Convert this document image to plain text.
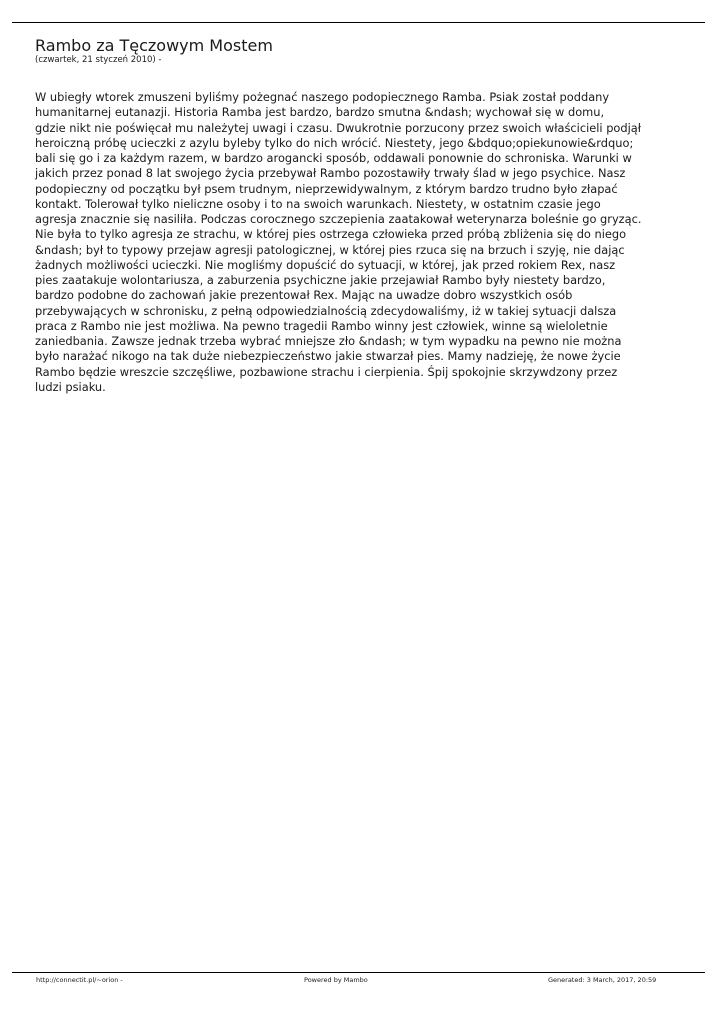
Rambo za Tęczowym Mostem
(czwartek, 21 styczeń 2010) -

W ubiegły wtorek zmuszeni byliśmy pożegnać naszego podopiecznego Ramba. Psiak został poddany
humanitarnej eutanazji. Historia Ramba jest bardzo, bardzo smutna &ndash; wychował się w domu,
gdzie nikt nie poświęcał mu należytej uwagi i czasu. Dwukrotnie porzucony przez swoich właścicieli podjął
heroiczną próbę ucieczki z azylu byleby tylko do nich wrócić. Niestety, jego &bdquo;opiekunowie&rdquo;
bali się go i za każdym razem, w bardzo arogancki sposób, oddawali ponownie do schroniska. Warunki w
jakich przez ponad 8 lat swojego życia przebywał Rambo pozostawiły trwały ślad w jego psychice. Nasz
podopieczny od początku był psem trudnym, nieprzewidywalnym, z którym bardzo trudno było złapać
kontakt. Tolerował tylko nieliczne osoby i to na swoich warunkach. Niestety, w ostatnim czasie jego
agresja znacznie się nasiliła. Podczas corocznego szczepienia zaatakował weterynarza boleśnie go gryząc.
Nie była to tylko agresja ze strachu, w której pies ostrzega człowieka przed próbą zbliżenia się do niego
&ndash; był to typowy przejaw agresji patologicznej, w której pies rzuca się na brzuch i szyję, nie dając
żadnych możliwości ucieczki. Nie mogliśmy dopuścić do sytuacji, w której, jak przed rokiem Rex, nasz
pies zaatakuje wolontariusza, a zaburzenia psychiczne jakie przejawiał Rambo były niestety bardzo,
bardzo podobne do zachowań jakie prezentował Rex. Mając na uwadze dobro wszystkich osób
przebywających w schronisku, z pełną odpowiedzialnością zdecydowaliśmy, iż w takiej sytuacji dalsza
praca z Rambo nie jest możliwa. Na pewno tragedii Rambo winny jest człowiek, winne są wieloletnie
zaniedbania. Zawsze jednak trzeba wybrać mniejsze zło &ndash; w tym wypadku na pewno nie można
było narażać nikogo na tak duże niebezpieczeństwo jakie stwarzał pies. Mamy nadzieję, że nowe życie
Rambo będzie wreszcie szczęśliwe, pozbawione strachu i cierpienia. Śpij spokojnie skrzywdzony przez
ludzi psiaku.

http://connectit.pl/~orion -	Powered by Mambo	Generated: 3 March, 2017, 20:59
